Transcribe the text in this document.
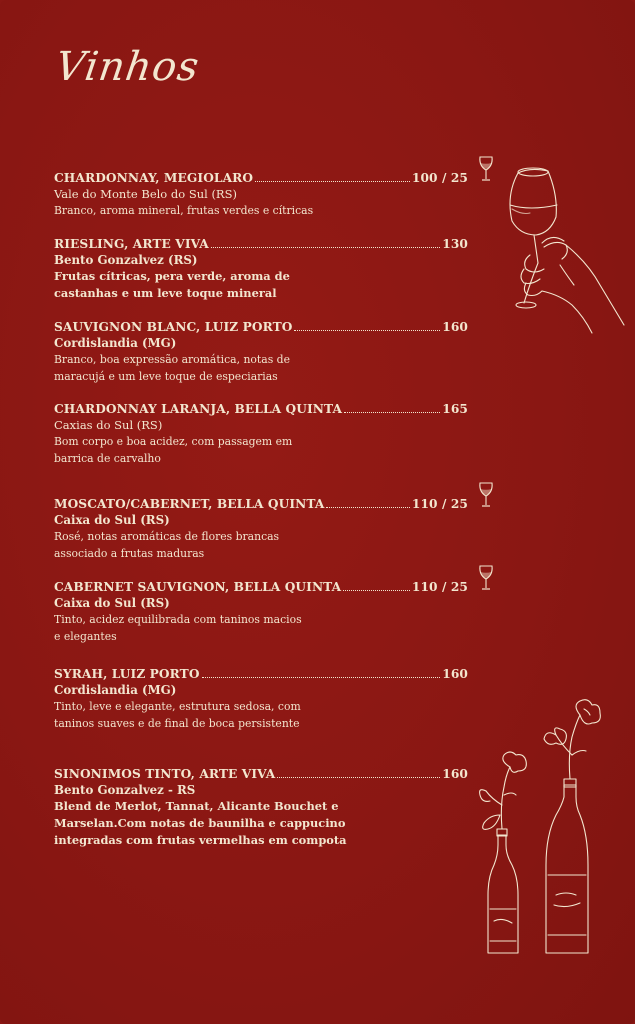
Vinhos
CHARDONNAY, MEGIOLARO	100 / 25
Vale do Monte Belo do Sul (RS)
Branco, aroma mineral, frutas verdes e cítricas
RIESLING, ARTE VIVA	130
Bento Gonzalvez (RS)
Frutas cítricas, pera verde, aroma de
castanhas e um leve toque mineral
SAUVIGNON BLANC, LUIZ PORTO	160
Cordislandia (MG)
Branco, boa expressão aromática, notas de
maracujá e um leve toque de especiarias
CHARDONNAY LARANJA, BELLA QUINTA	165
Caxias do Sul (RS)
Bom corpo e boa acidez, com passagem em
barrica de carvalho
MOSCATO/CABERNET, BELLA QUINTA	110 / 25
Caixa do Sul (RS)
Rosé, notas aromáticas de flores brancas
associado a frutas maduras
CABERNET SAUVIGNON, BELLA QUINTA	110 / 25
Caixa do Sul (RS)
Tinto, acidez equilibrada com taninos macios
e elegantes
SYRAH, LUIZ PORTO	160
Cordislandia (MG)
Tinto, leve e elegante, estrutura sedosa, com
taninos suaves e de final de boca persistente
SINONIMOS TINTO, ARTE VIVA	160
Bento Gonzalvez - RS
Blend de Merlot, Tannat, Alicante Bouchet e
Marselan.Com notas de baunilha e cappucino
integradas com frutas vermelhas em compota
